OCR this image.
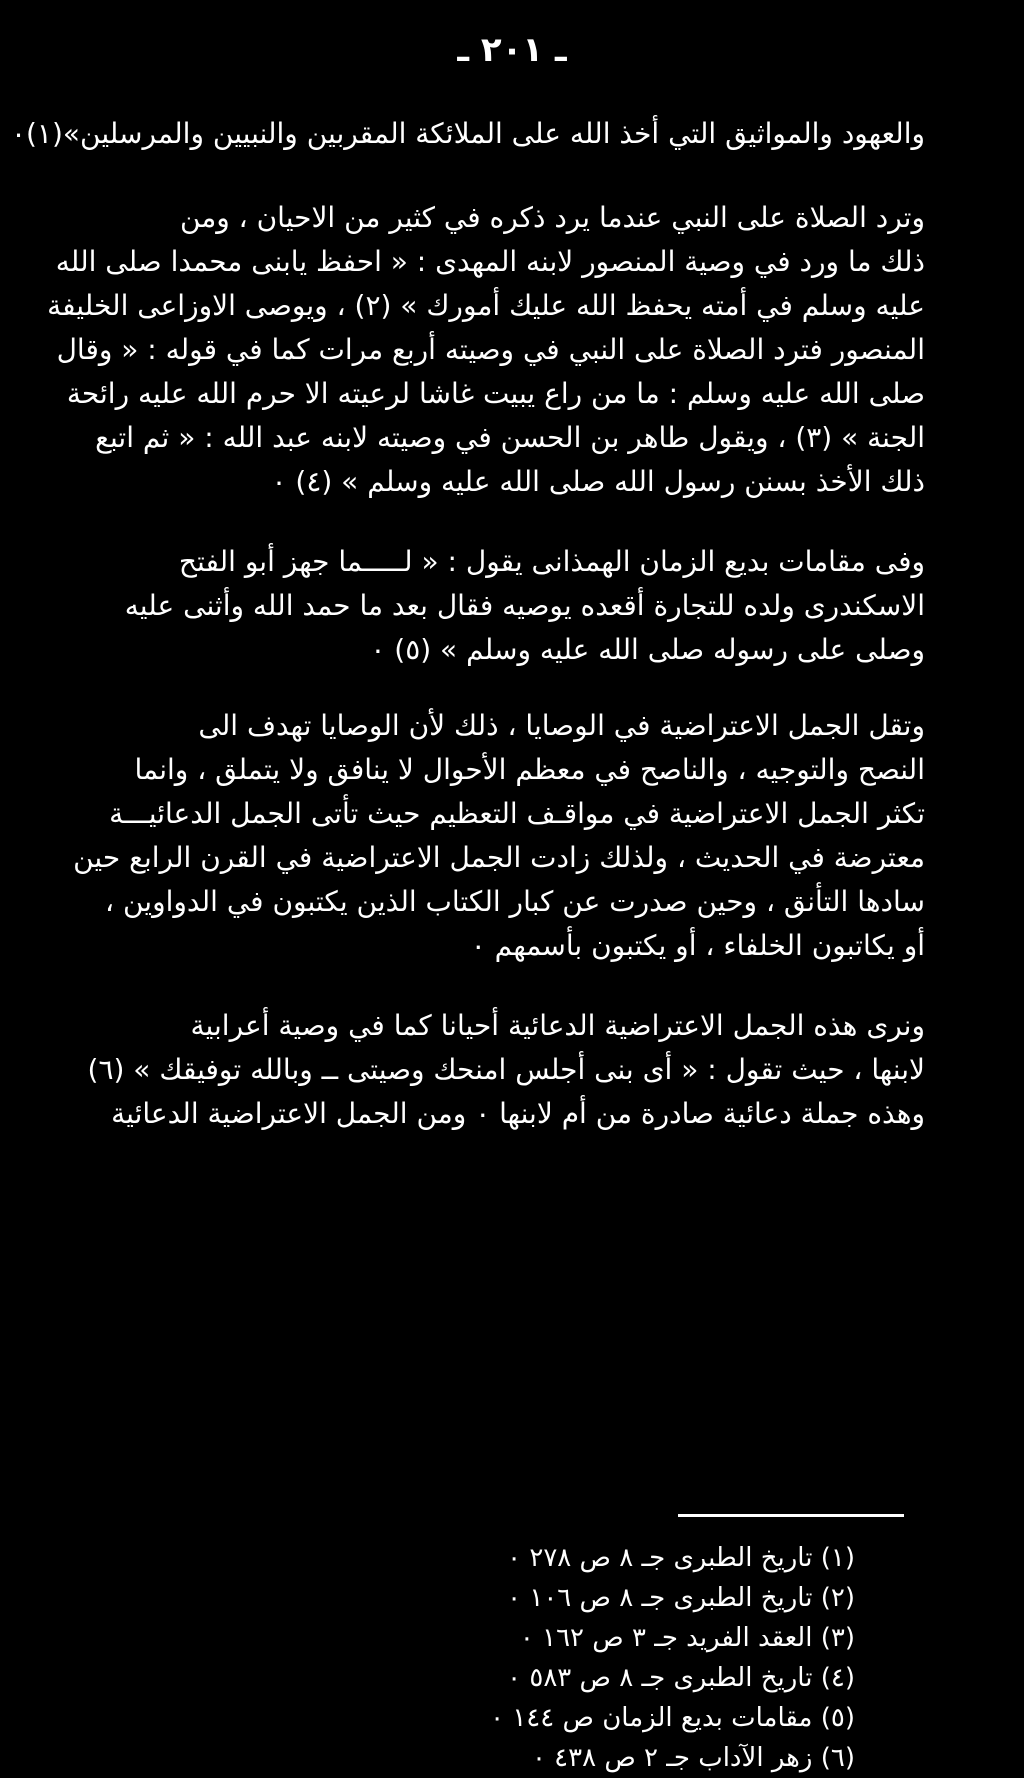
ـ ٢٠١ ـ
والعهود والمواثيق التي أخذ الله على الملائكة المقربين والنبيين والمرسلين»(١)٠
وترد الصلاة على النبي عندما يرد ذكره في كثير من الاحيان ، ومن
ذلك ما ورد في وصية المنصور لابنه المهدى : « احفظ يابنى محمدا صلى الله
عليه وسلم في أمته يحفظ الله عليك أمورك » (٢) ، ويوصى الاوزاعى الخليفة
المنصور فترد الصلاة على النبي في وصيته أربع مرات كما في قوله : « وقال
صلى الله عليه وسلم : ما من راع يبيت غاشا لرعيته الا حرم الله عليه رائحة
الجنة » (٣) ، ويقول طاهر بن الحسن في وصيته لابنه عبد الله : « ثم اتبع
ذلك الأخذ بسنن رسول الله صلى الله عليه وسلم » (٤) ٠
وفى مقامات بديع الزمان الهمذانى يقول : « لـــــما جهز أبو الفتح
الاسكندرى ولده للتجارة أقعده يوصيه فقال بعد ما حمد الله وأثنى عليه
وصلى على رسوله صلى الله عليه وسلم » (٥) ٠
وتقل الجمل الاعتراضية في الوصايا ، ذلك لأن الوصايا تهدف الى
النصح والتوجيه ، والناصح في معظم الأحوال لا ينافق ولا يتملق ، وانما
تكثر الجمل الاعتراضية في مواقـف التعظيم حيث تأتى الجمل الدعائيـــة
معترضة في الحديث ، ولذلك زادت الجمل الاعتراضية في القرن الرابع حين
سادها التأنق ، وحين صدرت عن كبار الكتاب الذين يكتبون في الدواوين ،
أو يكاتبون الخلفاء ، أو يكتبون بأسمهم ٠
ونرى هذه الجمل الاعتراضية الدعائية أحيانا كما في وصية أعرابية
لابنها ، حيث تقول : « أى بنى أجلس امنحك وصيتى ــ وبالله توفيقك » (٦)
وهذه جملة دعائية صادرة من أم لابنها ٠ ومن الجمل الاعتراضية الدعائية
(١) تاريخ الطبرى جـ ٨ ص ٢٧٨ ٠
(٢) تاريخ الطبرى جـ ٨ ص ١٠٦ ٠
(٣) العقد الفريد جـ ٣ ص ١٦٢ ٠
(٤) تاريخ الطبرى جـ ٨ ص ٥٨٣ ٠
(٥) مقامات بديع الزمان ص ١٤٤ ٠
(٦) زهر الآداب جـ ٢ ص ٤٣٨ ٠
